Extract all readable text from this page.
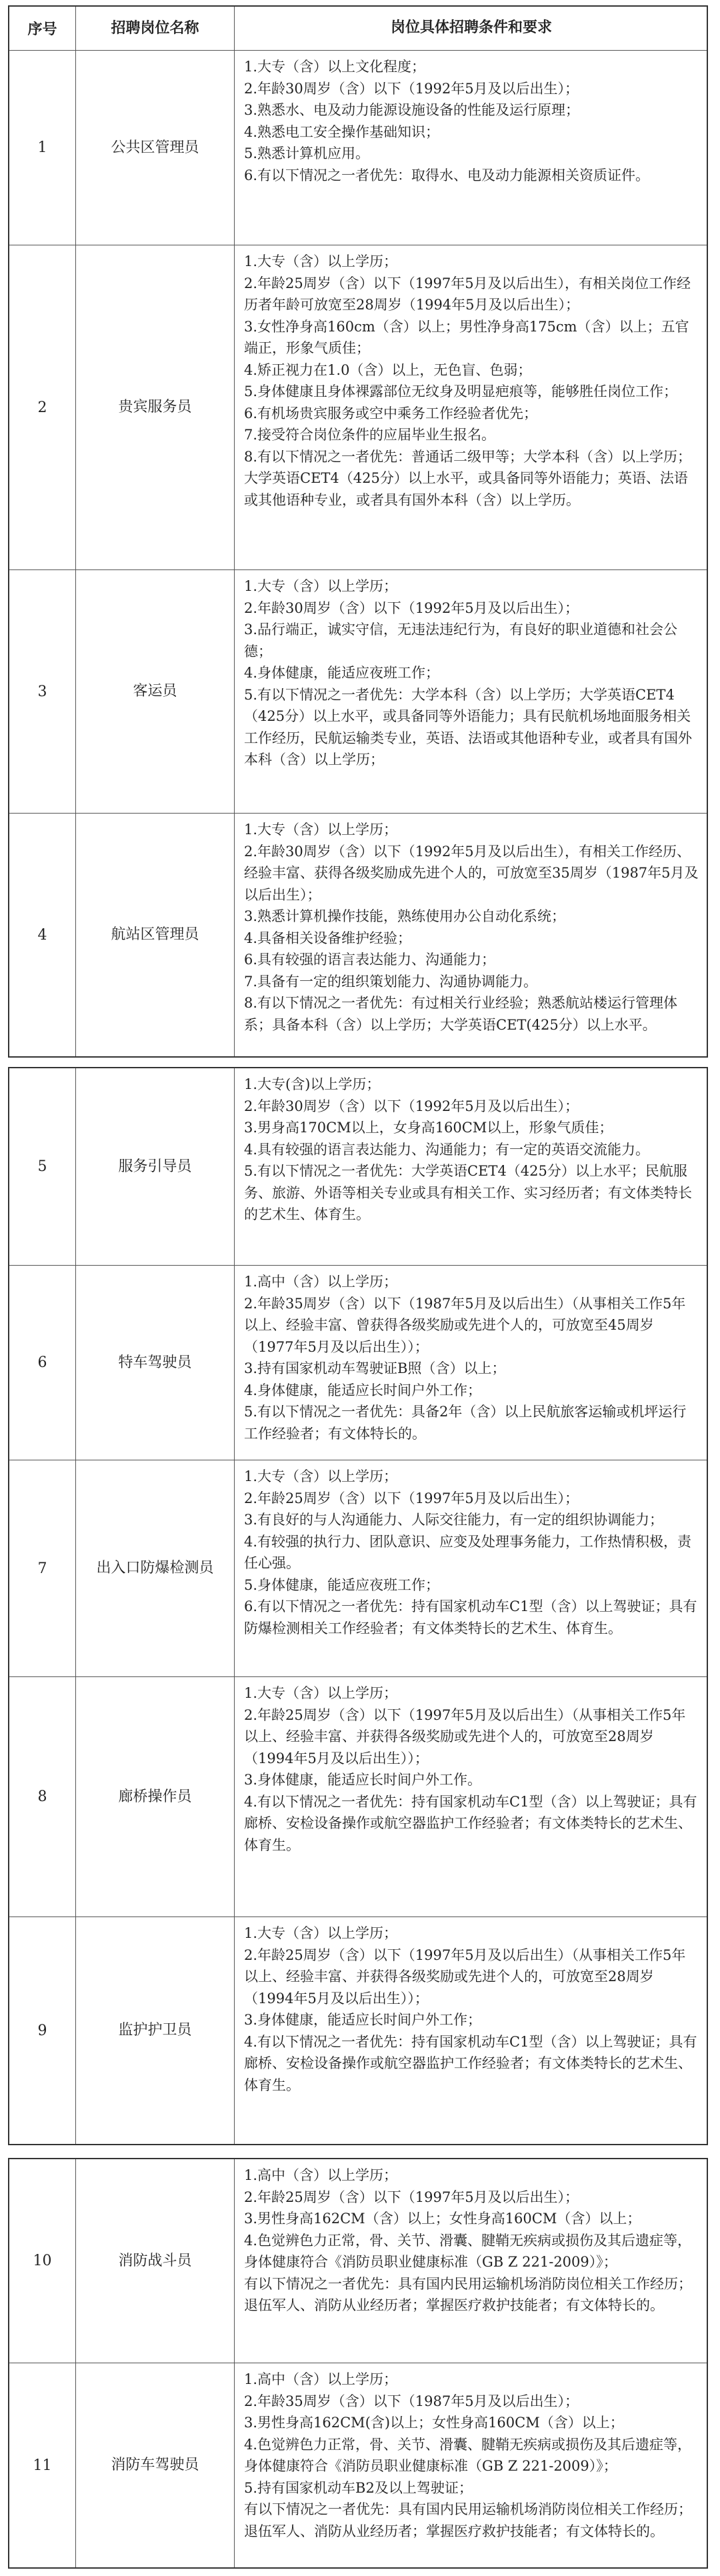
序号	招聘岗位名称	岗位具体招聘条件和要求
1	公共区管理员
1.大专（含）以上文化程度；
2.年龄30周岁（含）以下（1992年5月及以后出生）；
3.熟悉水、电及动力能源设施设备的性能及运行原理；
4.熟悉电工安全操作基础知识；
5.熟悉计算机应用。
6.有以下情况之一者优先：取得水、电及动力能源相关资质证件。
2	贵宾服务员
1.大专（含）以上学历；
2.年龄25周岁（含）以下（1997年5月及以后出生），有相关岗位工作经历者年龄可放宽至28周岁（1994年5月及以后出生）；
3.女性净身高160cm（含）以上；男性净身高175cm（含）以上；五官端正，形象气质佳；
4.矫正视力在1.0（含）以上，无色盲、色弱；
5.身体健康且身体裸露部位无纹身及明显疤痕等，能够胜任岗位工作；
6.有机场贵宾服务或空中乘务工作经验者优先；
7.接受符合岗位条件的应届毕业生报名。
8.有以下情况之一者优先：普通话二级甲等；大学本科（含）以上学历；大学英语CET4（425分）以上水平，或具备同等外语能力；英语、法语或其他语种专业，或者具有国外本科（含）以上学历。
3	客运员
1.大专（含）以上学历；
2.年龄30周岁（含）以下（1992年5月及以后出生）；
3.品行端正，诚实守信，无违法违纪行为，有良好的职业道德和社会公德；
4.身体健康，能适应夜班工作；
5.有以下情况之一者优先：大学本科（含）以上学历；大学英语CET4（425分）以上水平，或具备同等外语能力；具有民航机场地面服务相关工作经历，民航运输类专业，英语、法语或其他语种专业，或者具有国外本科（含）以上学历；
4	航站区管理员
1.大专（含）以上学历；
2.年龄30周岁（含）以下（1992年5月及以后出生），有相关工作经历、经验丰富、获得各级奖励成先进个人的，可放宽至35周岁（1987年5月及以后出生）；
3.熟悉计算机操作技能，熟练使用办公自动化系统；
4.具备相关设备维护经验；
6.具有较强的语言表达能力、沟通能力；
7.具备有一定的组织策划能力、沟通协调能力。
8.有以下情况之一者优先：有过相关行业经验；熟悉航站楼运行管理体系；具备本科（含）以上学历；大学英语CET(425分）以上水平。
5	服务引导员
1.大专(含)以上学历；
2.年龄30周岁（含）以下（1992年5月及以后出生）；
3.男身高170CM以上，女身高160CM以上，形象气质佳；
4.具有较强的语言表达能力、沟通能力；有一定的英语交流能力。
5.有以下情况之一者优先：大学英语CET4（425分）以上水平；民航服务、旅游、外语等相关专业或具有相关工作、实习经历者；有文体类特长的艺术生、体育生。
6	特车驾驶员
1.高中（含）以上学历；
2.年龄35周岁（含）以下（1987年5月及以后出生）（从事相关工作5年以上、经验丰富、曾获得各级奖励或先进个人的，可放宽至45周岁（1977年5月及以后出生））；
3.持有国家机动车驾驶证B照（含）以上；
4.身体健康，能适应长时间户外工作；
5.有以下情况之一者优先：具备2年（含）以上民航旅客运输或机坪运行工作经验者；有文体特长的。
7	出入口防爆检测员
1.大专（含）以上学历；
2.年龄25周岁（含）以下（1997年5月及以后出生）；
3.有良好的与人沟通能力、人际交往能力，有一定的组织协调能力；
4.有较强的执行力、团队意识、应变及处理事务能力，工作热情积极，责任心强。
5.身体健康，能适应夜班工作；
6.有以下情况之一者优先：持有国家机动车C1型（含）以上驾驶证；具有防爆检测相关工作经验者；有文体类特长的艺术生、体育生。
8	廊桥操作员
1.大专（含）以上学历；
2.年龄25周岁（含）以下（1997年5月及以后出生）（从事相关工作5年以上、经验丰富、并获得各级奖励或先进个人的，可放宽至28周岁（1994年5月及以后出生））；
3.身体健康，能适应长时间户外工作。
4.有以下情况之一者优先：持有国家机动车C1型（含）以上驾驶证；具有廊桥、安检设备操作或航空器监护工作经验者；有文体类特长的艺术生、体育生。
9	监护护卫员
1.大专（含）以上学历；
2.年龄25周岁（含）以下（1997年5月及以后出生）（从事相关工作5年以上、经验丰富、并获得各级奖励或先进个人的，可放宽至28周岁（1994年5月及以后出生））；
3.身体健康，能适应长时间户外工作；
4.有以下情况之一者优先：持有国家机动车C1型（含）以上驾驶证；具有廊桥、安检设备操作或航空器监护工作经验者；有文体类特长的艺术生、体育生。
10	消防战斗员
1.高中（含）以上学历；
2.年龄25周岁（含）以下（1997年5月及以后出生）；
3.男性身高162CM（含）以上；女性身高160CM（含）以上；
4.色觉辨色力正常，骨、关节、滑囊、腱鞘无疾病或损伤及其后遗症等，身体健康符合《消防员职业健康标准（GB Z 221-2009）》；
有以下情况之一者优先：具有国内民用运输机场消防岗位相关工作经历；退伍军人、消防从业经历者；掌握医疗救护技能者；有文体特长的。
11	消防车驾驶员
1.高中（含）以上学历；
2.年龄35周岁（含）以下（1987年5月及以后出生）；
3.男性身高162CM(含)以上；女性身高160CM（含）以上；
4.色觉辨色力正常，骨、关节、滑囊、腱鞘无疾病或损伤及其后遗症等，身体健康符合《消防员职业健康标准（GB Z 221-2009）》；
5.持有国家机动车B2及以上驾驶证；
有以下情况之一者优先：具有国内民用运输机场消防岗位相关工作经历；退伍军人、消防从业经历者；掌握医疗救护技能者；有文体特长的。
